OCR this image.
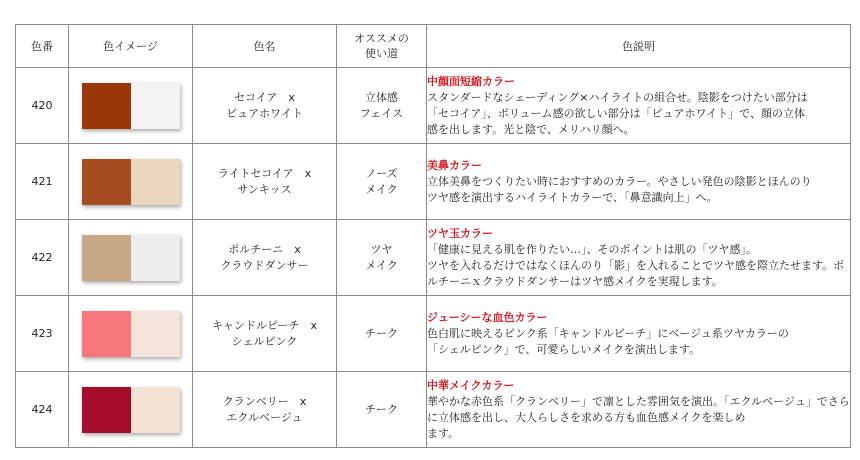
色番	色イメージ	色名	オススメの
使い道	色説明
420		セコイア　x
ピュアホワイト	立体感
フェイス	中顔面短縮カラー
スタンダードなシェーディング×ハイライトの組合せ。陰影をつけたい部分は
「セコイア」、ボリューム感の欲しい部分は「ピュアホワイト」で、顔の立体
感を出します。光と陰で、メリハリ顔へ。

421		ライトセコイア　x
サンキッス	ノーズ
メイク	美鼻カラー
立体美鼻をつくりたい時におすすめのカラー。やさしい発色の陰影とほんのり
ツヤ感を演出するハイライトカラーで、「鼻意識向上」へ。

422		ポルチーニ　x
クラウドダンサー	ツヤ
メイク	ツヤ玉カラー
「健康に見える肌を作りたい…」、そのポイントは肌の「ツヤ感」。
ツヤを入れるだけではなくほんのり「影」を入れることでツヤ感を際立たせます。ポルチーニｘクラウドダンサーはツヤ感メイクを実現します。

423		キャンドルピーチ　x
シェルピンク	チーク	ジューシーな血色カラー
色白肌に映えるピンク系「キャンドルピーチ」にベージュ系ツヤカラーの
「シェルピンク」で、可愛らしいメイクを演出します。

424		クランベリー　x
エクルベージュ	チーク	中華メイクカラー
華やかな赤色系「クランベリー」で凛とした雰囲気を演出。「エクルベージュ」でさらに立体感を出し、大人らしさを求める方も血色感メイクを楽しめ
ます。
